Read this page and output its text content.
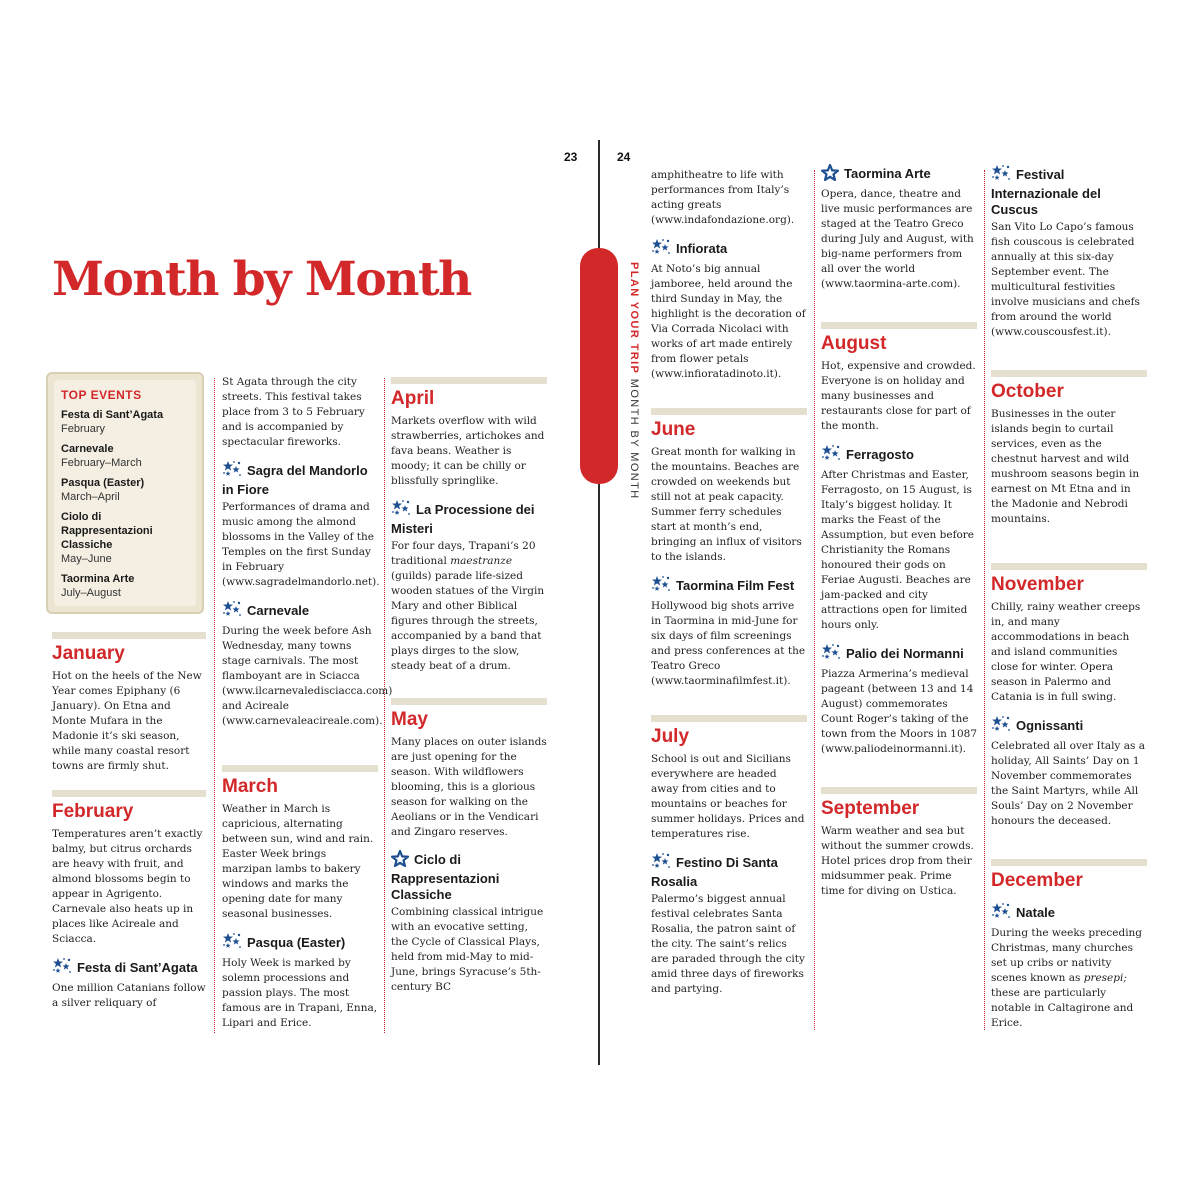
23	24
Month by Month	PLAN YOUR TRIP MONTH BY MONTH
TOP EVENTS
Festa di Sant’Agata
February
Carnevale
February–March
Pasqua (Easter)
March–April
Ciolo di Rappresentazioni Classiche
May–June
Taormina Arte
July–August
January

Hot on the heels of the New Year comes Epiphany (6 January). On Etna and Monte Mufara in the Madonie it’s ski season, while many coastal resort towns are firmly shut.

February

Temperatures aren’t exactly balmy, but citrus orchards are heavy with fruit, and almond blossoms begin to appear in Agrigento. Carnevale also heats up in places like Acireale and Sciacca.

Festa di Sant’Agata

One million Catanians follow a silver reliquary of

St Agata through the city streets. This festival takes place from 3 to 5 February and is accompanied by spectacular fireworks.

Sagra del Mandorlo in Fiore

Performances of drama and music among the almond blossoms in the Valley of the Temples on the first Sunday in February (www.sagradelmandorlo.net).

Carnevale

During the week before Ash Wednesday, many towns stage carnivals. The most flamboyant are in Sciacca (www.ilcarnevaledisciacca.com) and Acireale (www.carnevaleacireale.com).

March

Weather in March is capricious, alternating between sun, wind and rain. Easter Week brings marzipan lambs to bakery windows and marks the opening date for many seasonal businesses.

Pasqua (Easter)

Holy Week is marked by solemn processions and passion plays. The most famous are in Trapani, Enna, Lipari and Erice.

April

Markets overflow with wild strawberries, artichokes and fava beans. Weather is moody; it can be chilly or blissfully springlike.

La Processione dei Misteri

For four days, Trapani’s 20 traditional maestranze (guilds) parade life-sized wooden statues of the Virgin Mary and other Biblical figures through the streets, accompanied by a band that plays dirges to the slow, steady beat of a drum.

May

Many places on outer islands are just opening for the season. With wildflowers blooming, this is a glorious season for walking on the Aeolians or in the Vendicari and Zingaro reserves.

Ciclo di Rappresentazioni Classiche

Combining classical intrigue with an evocative setting, the Cycle of Classical Plays, held from mid-May to mid-June, brings Syracuse’s 5th-century BC

amphitheatre to life with performances from Italy’s acting greats (www.indafondazione.org).

Infiorata

At Noto’s big annual jamboree, held around the third Sunday in May, the highlight is the decoration of Via Corrada Nicolaci with works of art made entirely from flower petals (www.infioratadinoto.it).

June

Great month for walking in the mountains. Beaches are crowded on weekends but still not at peak capacity. Summer ferry schedules start at month’s end, bringing an influx of visitors to the islands.

Taormina Film Fest

Hollywood big shots arrive in Taormina in mid-June for six days of film screenings and press conferences at the Teatro Greco (www.taorminafilmfest.it).

July

School is out and Sicilians everywhere are headed away from cities and to mountains or beaches for summer holidays. Prices and temperatures rise.

Festino Di Santa Rosalia

Palermo’s biggest annual festival celebrates Santa Rosalia, the patron saint of the city. The saint’s relics are paraded through the city amid three days of fireworks and partying.

Taormina Arte

Opera, dance, theatre and live music performances are staged at the Teatro Greco during July and August, with big-name performers from all over the world (www.taormina-arte.com).

August

Hot, expensive and crowded. Everyone is on holiday and many businesses and restaurants close for part of the month.

Ferragosto

After Christmas and Easter, Ferragosto, on 15 August, is Italy’s biggest holiday. It marks the Feast of the Assumption, but even before Christianity the Romans honoured their gods on Feriae Augusti. Beaches are jam-packed and city attractions open for limited hours only.

Palio dei Normanni

Piazza Armerina’s medieval pageant (between 13 and 14 August) commemorates Count Roger’s taking of the town from the Moors in 1087 (www.paliodeinormanni.it).

September

Warm weather and sea but without the summer crowds. Hotel prices drop from their midsummer peak. Prime time for diving on Ustica.

Festival Internazionale del Cuscus

San Vito Lo Capo’s famous fish couscous is celebrated annually at this six-day September event. The multicultural festivities involve musicians and chefs from around the world (www.couscousfest.it).

October

Businesses in the outer islands begin to curtail services, even as the chestnut harvest and wild mushroom seasons begin in earnest on Mt Etna and in the Madonie and Nebrodi mountains.

November

Chilly, rainy weather creeps in, and many accommodations in beach and island communities close for winter. Opera season in Palermo and Catania is in full swing.

Ognissanti

Celebrated all over Italy as a holiday, All Saints’ Day on 1 November commemorates the Saint Martyrs, while All Souls’ Day on 2 November honours the deceased.

December
Natale

During the weeks preceding Christmas, many churches set up cribs or nativity scenes known as presepi; these are particularly notable in Caltagirone and Erice.
